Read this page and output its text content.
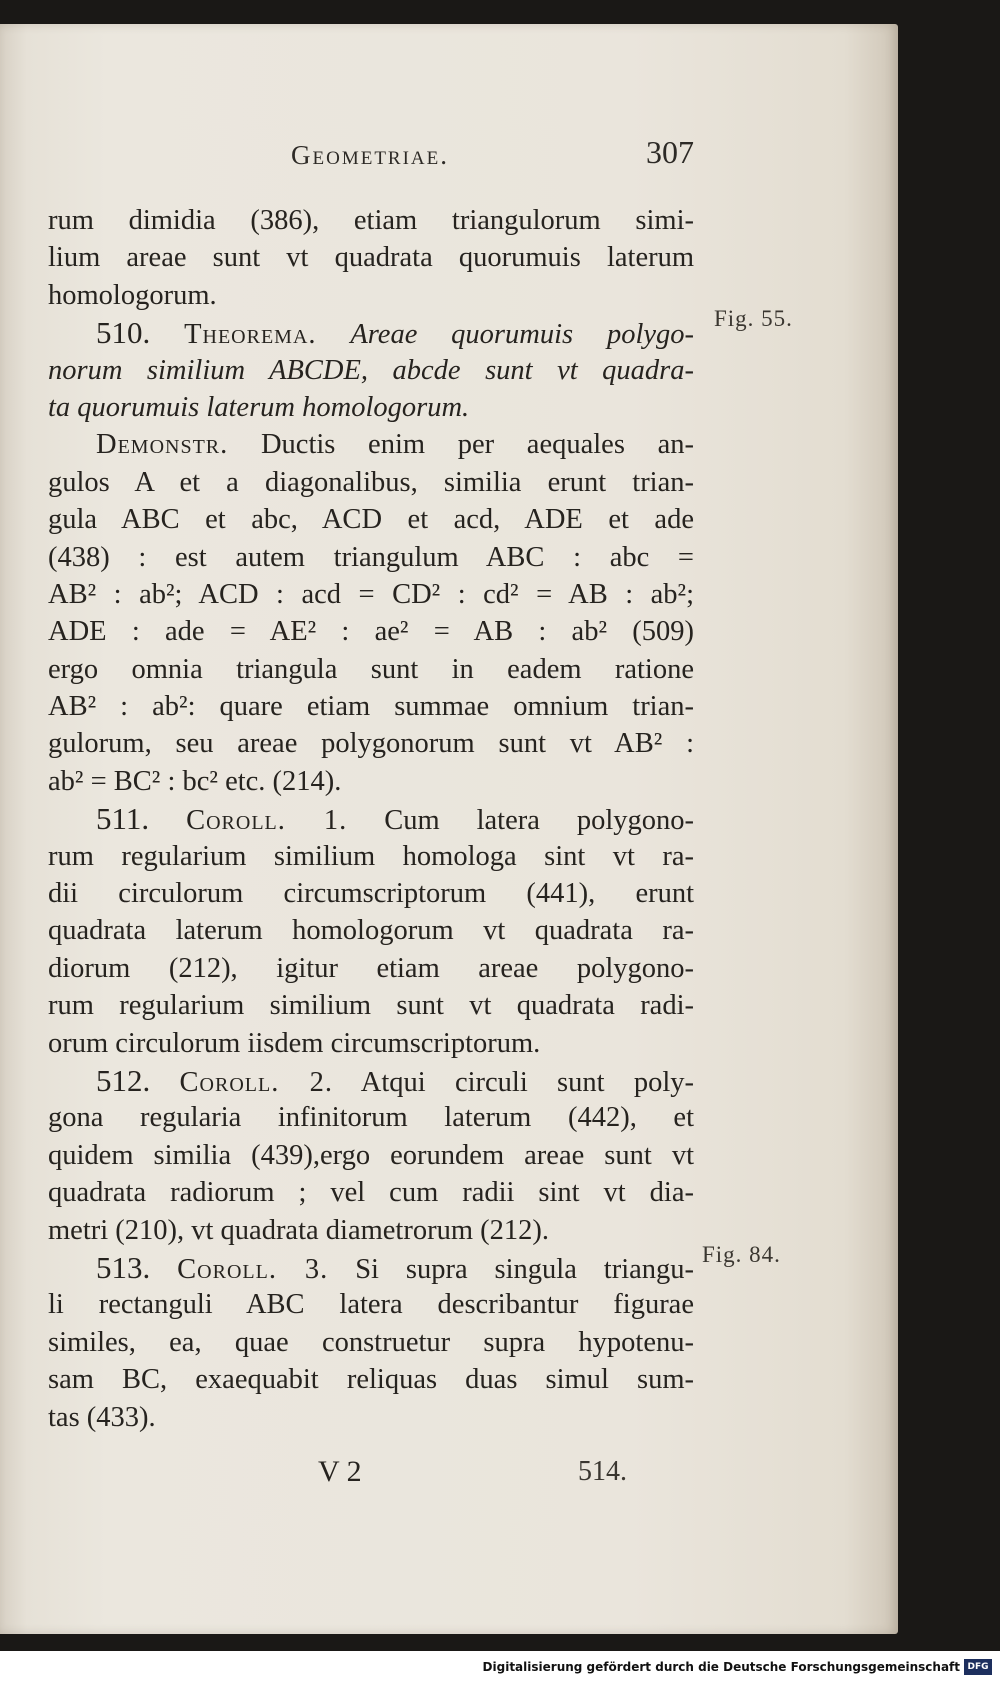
Geometriae.	307
rum dimidia (386), etiam triangulorum simi-
lium areae sunt vt quadrata quorumuis laterum
homologorum.
510. Theorema. Areae quorumuis polygo-
norum similium ABCDE, abcde sunt vt quadra-
ta quorumuis laterum homologorum.
Demonstr. Ductis enim per aequales an-
gulos A et a diagonalibus, similia erunt trian-
gula ABC et abc, ACD et acd, ADE et ade
(438) : est autem triangulum ABC : abc =
AB² : ab²; ACD : acd = CD² : cd² = AB : ab²;
ADE : ade = AE² : ae² = AB : ab² (509)
ergo omnia triangula sunt in eadem ratione
AB² : ab²: quare etiam summae omnium trian-
gulorum, seu areae polygonorum sunt vt AB² :
ab² = BC² : bc² etc. (214).
511. Coroll. 1. Cum latera polygono-
rum regularium similium homologa sint vt ra-
dii circulorum circumscriptorum (441), erunt
quadrata laterum homologorum vt quadrata ra-
diorum (212), igitur etiam areae polygono-
rum regularium similium sunt vt quadrata radi-
orum circulorum iisdem circumscriptorum.
512. Coroll. 2. Atqui circuli sunt poly-
gona regularia infinitorum laterum (442), et
quidem similia (439),ergo eorundem areae sunt vt
quadrata radiorum ; vel cum radii sint vt dia-
metri (210), vt quadrata diametrorum (212).
513. Coroll. 3. Si supra singula triangu-
li rectanguli ABC latera describantur figurae
similes, ea, quae construetur supra hypotenu-
sam BC, exaequabit reliquas duas simul sum-
tas (433).
Fig. 55.
Fig. 84.
V 2	514.
Digitalisierung gefördert durch die Deutsche Forschungsgemeinschaft DFG
